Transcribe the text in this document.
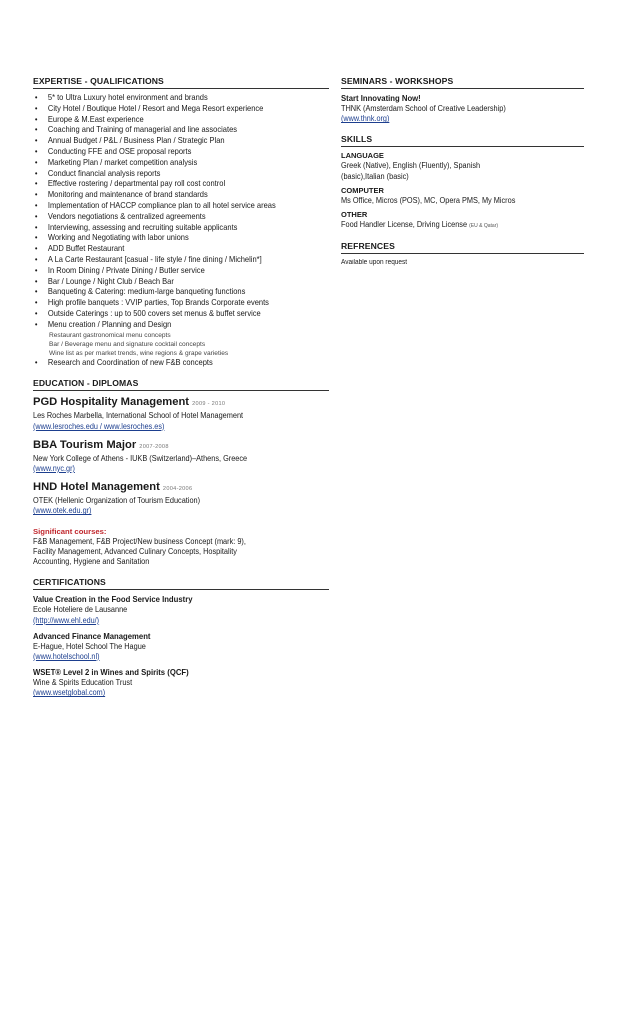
EXPERTISE - QUALIFICATIONS
• 5* to Ultra Luxury hotel environment and brands
• City Hotel / Boutique Hotel / Resort and Mega Resort experience
• Europe & M.East experience
• Coaching and Training of managerial and line associates
• Annual Budget / P&L / Business Plan / Strategic Plan
• Conducting FFE and OSE proposal reports
• Marketing Plan / market competition analysis
• Conduct financial analysis reports
• Effective rostering / departmental pay roll cost control
• Monitoring and maintenance of brand standards
• Implementation of HACCP compliance plan to all hotel service areas
• Vendors negotiations & centralized agreements
• Interviewing, assessing and recruiting suitable applicants
• Working and Negotiating with labor unions
• ADD Buffet Restaurant
• A La Carte Restaurant [casual - life style / fine dining / Michelin*]
• In Room Dining / Private Dining / Butler service
• Bar / Lounge / Night Club / Beach Bar
• Banqueting & Catering: medium-large banqueting functions
• High profile banquets : VVIP parties, Top Brands Corporate events
• Outside Caterings : up to 500 covers set menus & buffet service
• Menu creation / Planning and Design
Restaurant gastronomical menu concepts
Bar / Beverage menu and signature cocktail concepts
Wine list as per market trends, wine regions & grape varieties
• Research and Coordination of new F&B concepts
EDUCATION - DIPLOMAS
PGD Hospitality Management 2009 - 2010
Les Roches Marbella, International School of Hotel Management
(www.lesroches.edu / www.lesroches.es)
BBA Tourism Major 2007-2008
New York College of Athens - IUKB (Switzerland)–Athens, Greece
(www.nyc.gr)
HND Hotel Management 2004-2006
OTEK (Hellenic Organization of Tourism Education)
(www.otek.edu.gr)
Significant courses:
F&B Management, F&B Project/New business Concept (mark: 9),
Facility Management, Advanced Culinary Concepts, Hospitality
Accounting, Hygiene and Sanitation
CERTIFICATIONS
Value Creation in the Food Service Industry
Ecole Hoteliere de Lausanne
(http://www.ehl.edu/)
Advanced Finance Management
E-Hague, Hotel School The Hague
(www.hotelschool.nl)
WSET® Level 2 in Wines and Spirits (QCF)
Wine & Spirits Education Trust
(www.wsetglobal.com)
SEMINARS - WORKSHOPS
Start Innovating Now!
THNK (Amsterdam School of Creative Leadership)
(www.thnk.org)
SKILLS
LANGUAGE
Greek (Native), English (Fluently), Spanish
(basic),Italian (basic)
COMPUTER
Ms Office, Micros (POS), MC, Opera PMS, My Micros
OTHER
Food Handler License, Driving License (EU & Qatar)
REFRENCES
Available upon request
